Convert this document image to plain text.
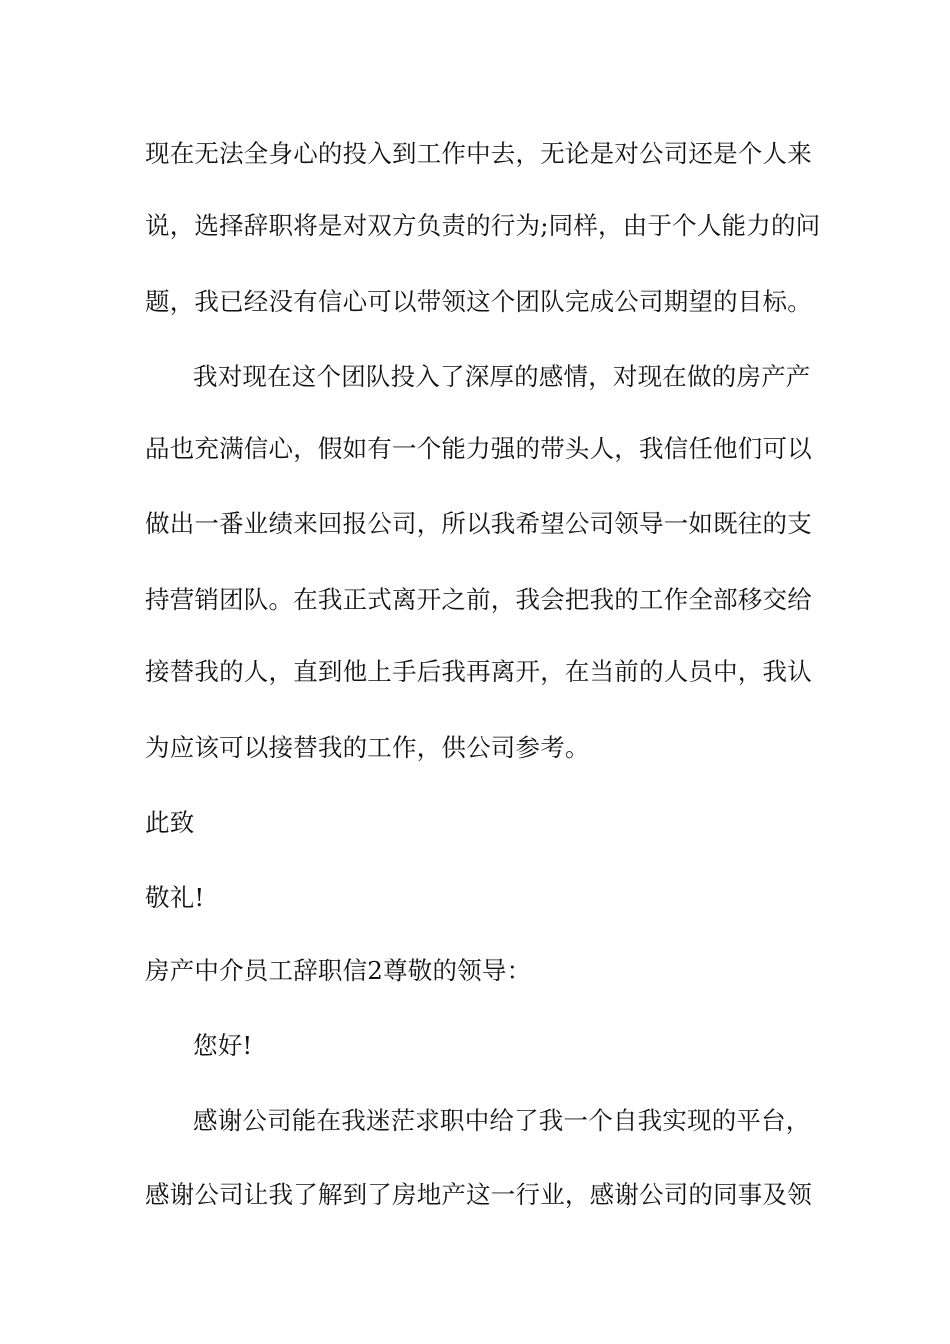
现在无法全身心的投入到工作中去，无论是对公司还是个人来
说，选择辞职将是对双方负责的行为;同样，由于个人能力的问
题，我已经没有信心可以带领这个团队完成公司期望的目标。
我对现在这个团队投入了深厚的感情，对现在做的房产产
品也充满信心，假如有一个能力强的带头人，我信任他们可以
做出一番业绩来回报公司，所以我希望公司领导一如既往的支
持营销团队。在我正式离开之前，我会把我的工作全部移交给
接替我的人，直到他上手后我再离开，在当前的人员中，我认
为应该可以接替我的工作，供公司参考。
此致
敬礼!
房产中介员工辞职信2尊敬的领导：
您好!
感谢公司能在我迷茫求职中给了我一个自我实现的平台，
感谢公司让我了解到了房地产这一行业，感谢公司的同事及领
